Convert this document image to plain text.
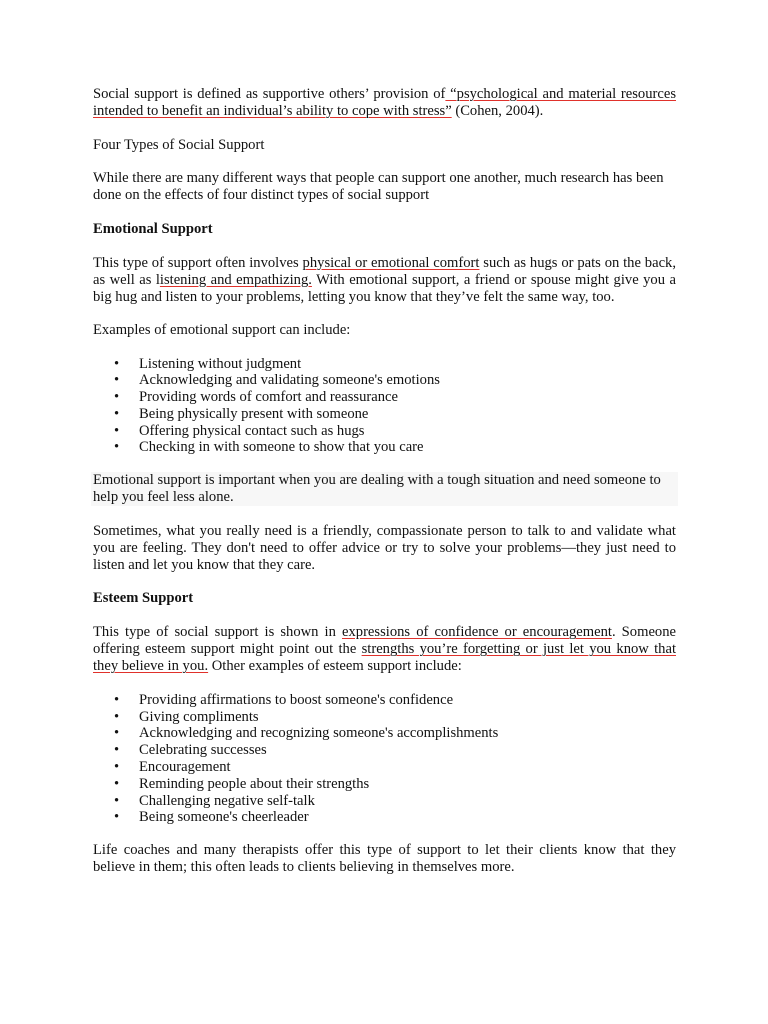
Social support is defined as supportive others’ provision of “psychological and material resources intended to benefit an individual’s ability to cope with stress” (Cohen, 2004).

Four Types of Social Support

While there are many different ways that people can support one another, much research has been done on the effects of four distinct types of social support

Emotional Support

This type of support often involves physical or emotional comfort such as hugs or pats on the back, as well as listening and empathizing. With emotional support, a friend or spouse might give you a big hug and listen to your problems, letting you know that they’ve felt the same way, too.

Examples of emotional support can include:

• Listening without judgment
• Acknowledging and validating someone's emotions
• Providing words of comfort and reassurance
• Being physically present with someone
• Offering physical contact such as hugs
• Checking in with someone to show that you care

Emotional support is important when you are dealing with a tough situation and need someone to help you feel less alone.

Sometimes, what you really need is a friendly, compassionate person to talk to and validate what you are feeling. They don't need to offer advice or try to solve your problems—they just need to listen and let you know that they care.

Esteem Support

This type of social support is shown in expressions of confidence or encouragement. Someone offering esteem support might point out the strengths you’re forgetting or just let you know that they believe in you. Other examples of esteem support include:

• Providing affirmations to boost someone's confidence
• Giving compliments
• Acknowledging and recognizing someone's accomplishments
• Celebrating successes
• Encouragement
• Reminding people about their strengths
• Challenging negative self-talk
• Being someone's cheerleader

Life coaches and many therapists offer this type of support to let their clients know that they believe in them; this often leads to clients believing in themselves more.
